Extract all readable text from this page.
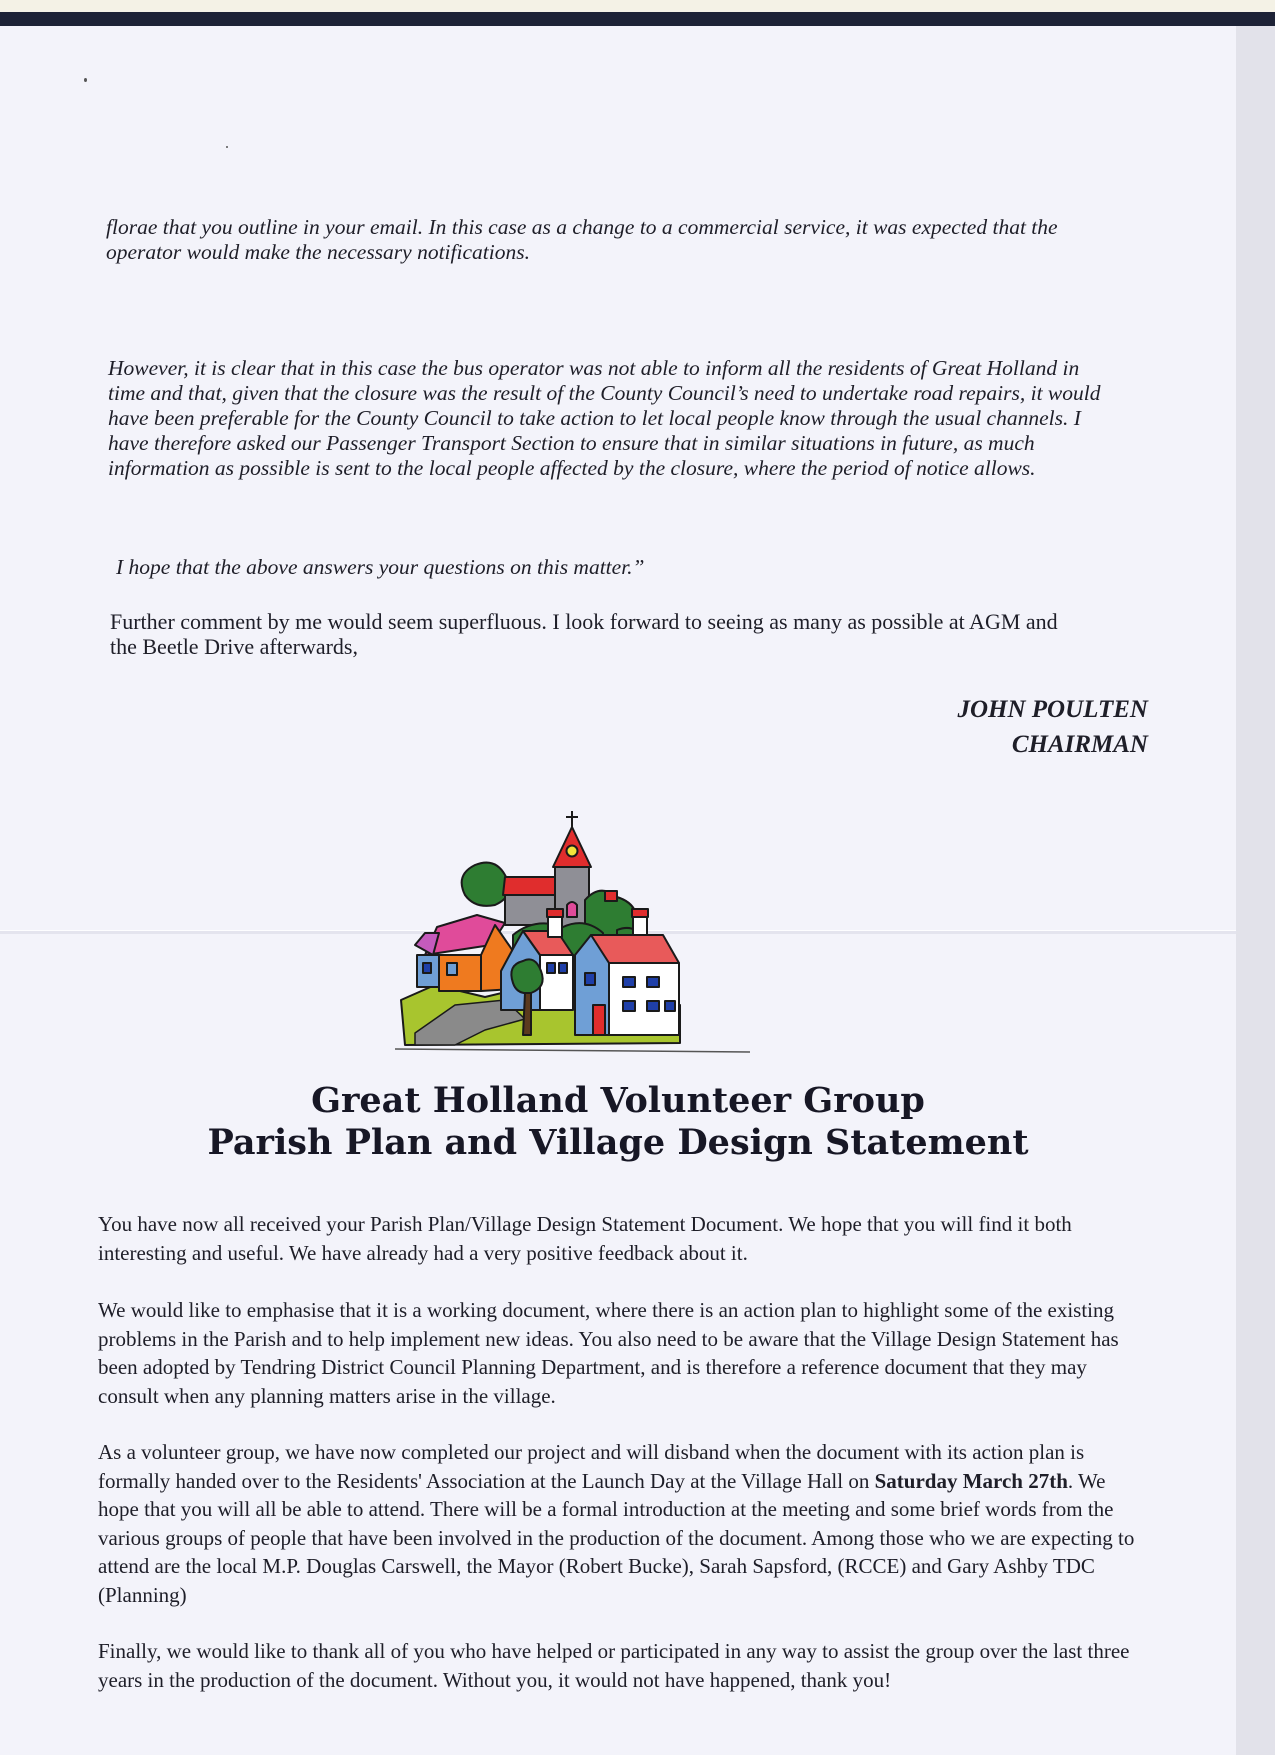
florae that you outline in your email. In this case as a change to a commercial service, it was expected that the operator would make the necessary notifications.

However, it is clear that in this case the bus operator was not able to inform all the residents of Great Holland in time and that, given that the closure was the result of the County Council’s need to undertake road repairs, it would have been preferable for the County Council to take action to let local people know through the usual channels. I have therefore asked our Passenger Transport Section to ensure that in similar situations in future, as much information as possible is sent to the local people affected by the closure, where the period of notice allows.

I hope that the above answers your questions on this matter.”

Further comment by me would seem superfluous. I look forward to seeing as many as possible at AGM and the Beetle Drive afterwards,

JOHN POULTEN
CHAIRMAN
Great Holland Volunteer Group
Parish Plan and Village Design Statement

You have now all received your Parish Plan/Village Design Statement Document. We hope that you will find it both interesting and useful. We have already had a very positive feedback about it.

We would like to emphasise that it is a working document, where there is an action plan to highlight some of the existing problems in the Parish and to help implement new ideas. You also need to be aware that the Village Design Statement has been adopted by Tendring District Council Planning Department, and is therefore a reference document that they may consult when any planning matters arise in the village.

As a volunteer group, we have now completed our project and will disband when the document with its action plan is formally handed over to the Residents' Association at the Launch Day at the Village Hall on Saturday March 27th. We hope that you will all be able to attend. There will be a formal introduction at the meeting and some brief words from the various groups of people that have been involved in the production of the document. Among those who we are expecting to attend are the local M.P. Douglas Carswell, the Mayor (Robert Bucke), Sarah Sapsford, (RCCE) and Gary Ashby TDC (Planning)

Finally, we would like to thank all of you who have helped or participated in any way to assist the group over the last three years in the production of the document. Without you, it would not have happened, thank you!
